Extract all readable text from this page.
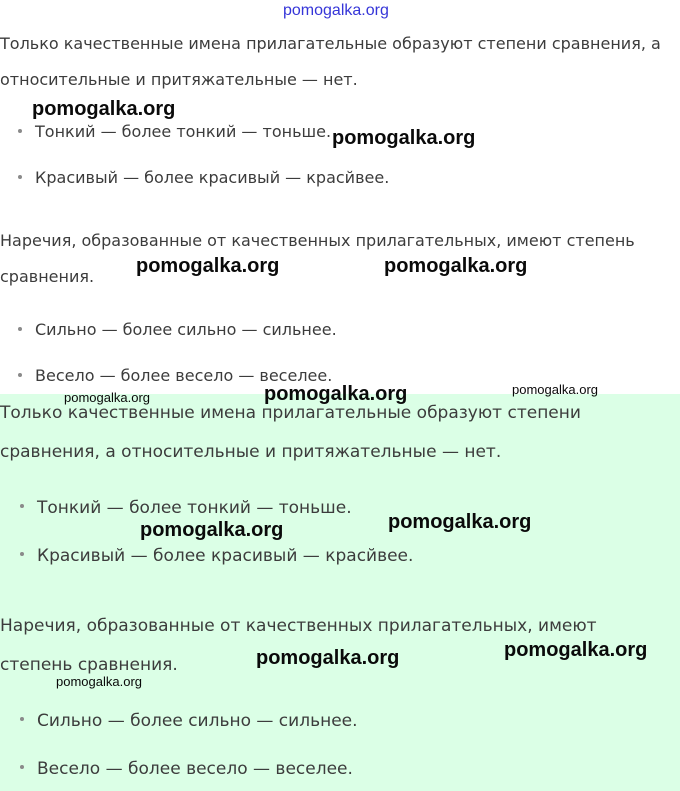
Только качественные имена прилагательные образуют степени сравнения, а относительные и притяжательные — нет.

Тонкий — более тонкий — тоньше.

Красивый — более красивый — красйвее.

Наречия, образованные от качественных прилагательных, имеют степень сравнения.

Сильно — более сильно — сильнее.

Весело — более весело — веселее.

Только качественные имена прилагательные образуют степени сравнения, а относительные и притяжательные — нет.

Тонкий — более тонкий — тоньше.

Красивый — более красивый — красйвее.

Наречия, образованные от качественных прилагательных, имеют степень сравнения.

Сильно — более сильно — сильнее.

Весело — более весело — веселее.

pomogalka.org
pomogalka.org
pomogalka.org
pomogalka.org	pomogalka.org
pomogalka.org
pomogalka.org
pomogalka.org
pomogalka.org	pomogalka.org
pomogalka.org	pomogalka.org
pomogalka.org
